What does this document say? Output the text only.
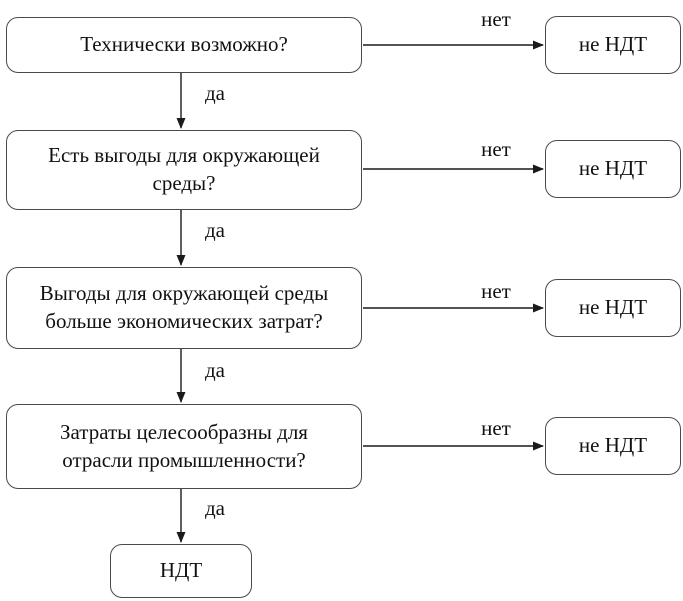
Технически возможно?
Есть выгоды для окружающей
среды?
Выгоды для окружающей среды
больше экономических затрат?
Затраты целесообразны для
отрасли промышленности?
не НДТ
не НДТ
не НДТ
не НДТ
НДТ
да
да
да
да
нет
нет
нет
нет
